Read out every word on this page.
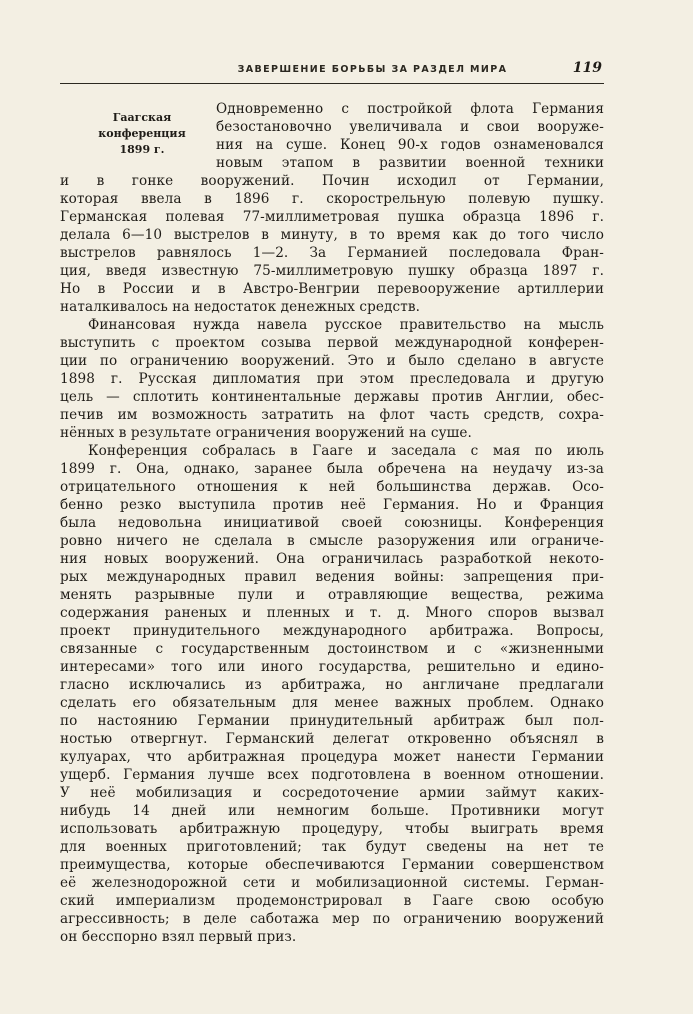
ЗАВЕРШЕНИЕ БОРЬБЫ ЗА РАЗДЕЛ МИРА	119
Гаагская
конференция
1899 г.
Одновременно с постройкой флота Германия
безостановочно увеличивала и свои вооруже-
ния на суше. Конец 90-х годов ознаменовался
новым этапом в развитии военной техники
и в гонке вооружений. Почин исходил от Германии,
которая ввела в 1896 г. скорострельную полевую пушку.
Германская полевая 77-миллиметровая пушка образца 1896 г.
делала 6—10 выстрелов в минуту, в то время как до того число
выстрелов равнялось 1—2. За Германией последовала Фран-
ция, введя известную 75-миллиметровую пушку образца 1897 г.
Но в России и в Австро-Венгрии перевооружение артиллерии
наталкивалось на недостаток денежных средств.
Финансовая нужда навела русское правительство на мысль
выступить с проектом созыва первой международной конферен-
ции по ограничению вооружений. Это и было сделано в августе
1898 г. Русская дипломатия при этом преследовала и другую
цель — сплотить континентальные державы против Англии, обес-
печив им возможность затратить на флот часть средств, сохра-
нённых в результате ограничения вооружений на суше.
Конференция собралась в Гааге и заседала с мая по июль
1899 г. Она, однако, заранее была обречена на неудачу из-за
отрицательного отношения к ней большинства держав. Осо-
бенно резко выступила против неё Германия. Но и Франция
была недовольна инициативой своей союзницы. Конференция
ровно ничего не сделала в смысле разоружения или ограниче-
ния новых вооружений. Она ограничилась разработкой некото-
рых международных правил ведения войны: запрещения при-
менять разрывные пули и отравляющие вещества, режима
содержания раненых и пленных и т. д. Много споров вызвал
проект принудительного международного арбитража. Вопросы,
связанные с государственным достоинством и с «жизненными
интересами» того или иного государства, решительно и едино-
гласно исключались из арбитража, но англичане предлагали
сделать его обязательным для менее важных проблем. Однако
по настоянию Германии принудительный арбитраж был пол-
ностью отвергнут. Германский делегат откровенно объяснял в
кулуарах, что арбитражная процедура может нанести Германии
ущерб. Германия лучше всех подготовлена в военном отношении.
У неё мобилизация и сосредоточение армии займут каких-
нибудь 14 дней или немногим больше. Противники могут
использовать арбитражную процедуру, чтобы выиграть время
для военных приготовлений; так будут сведены на нет те
преимущества, которые обеспечиваются Германии совершенством
её железнодорожной сети и мобилизационной системы. Герман-
ский империализм продемонстрировал в Гааге свою особую
агрессивность; в деле саботажа мер по ограничению вооружений
он бесспорно взял первый приз.
